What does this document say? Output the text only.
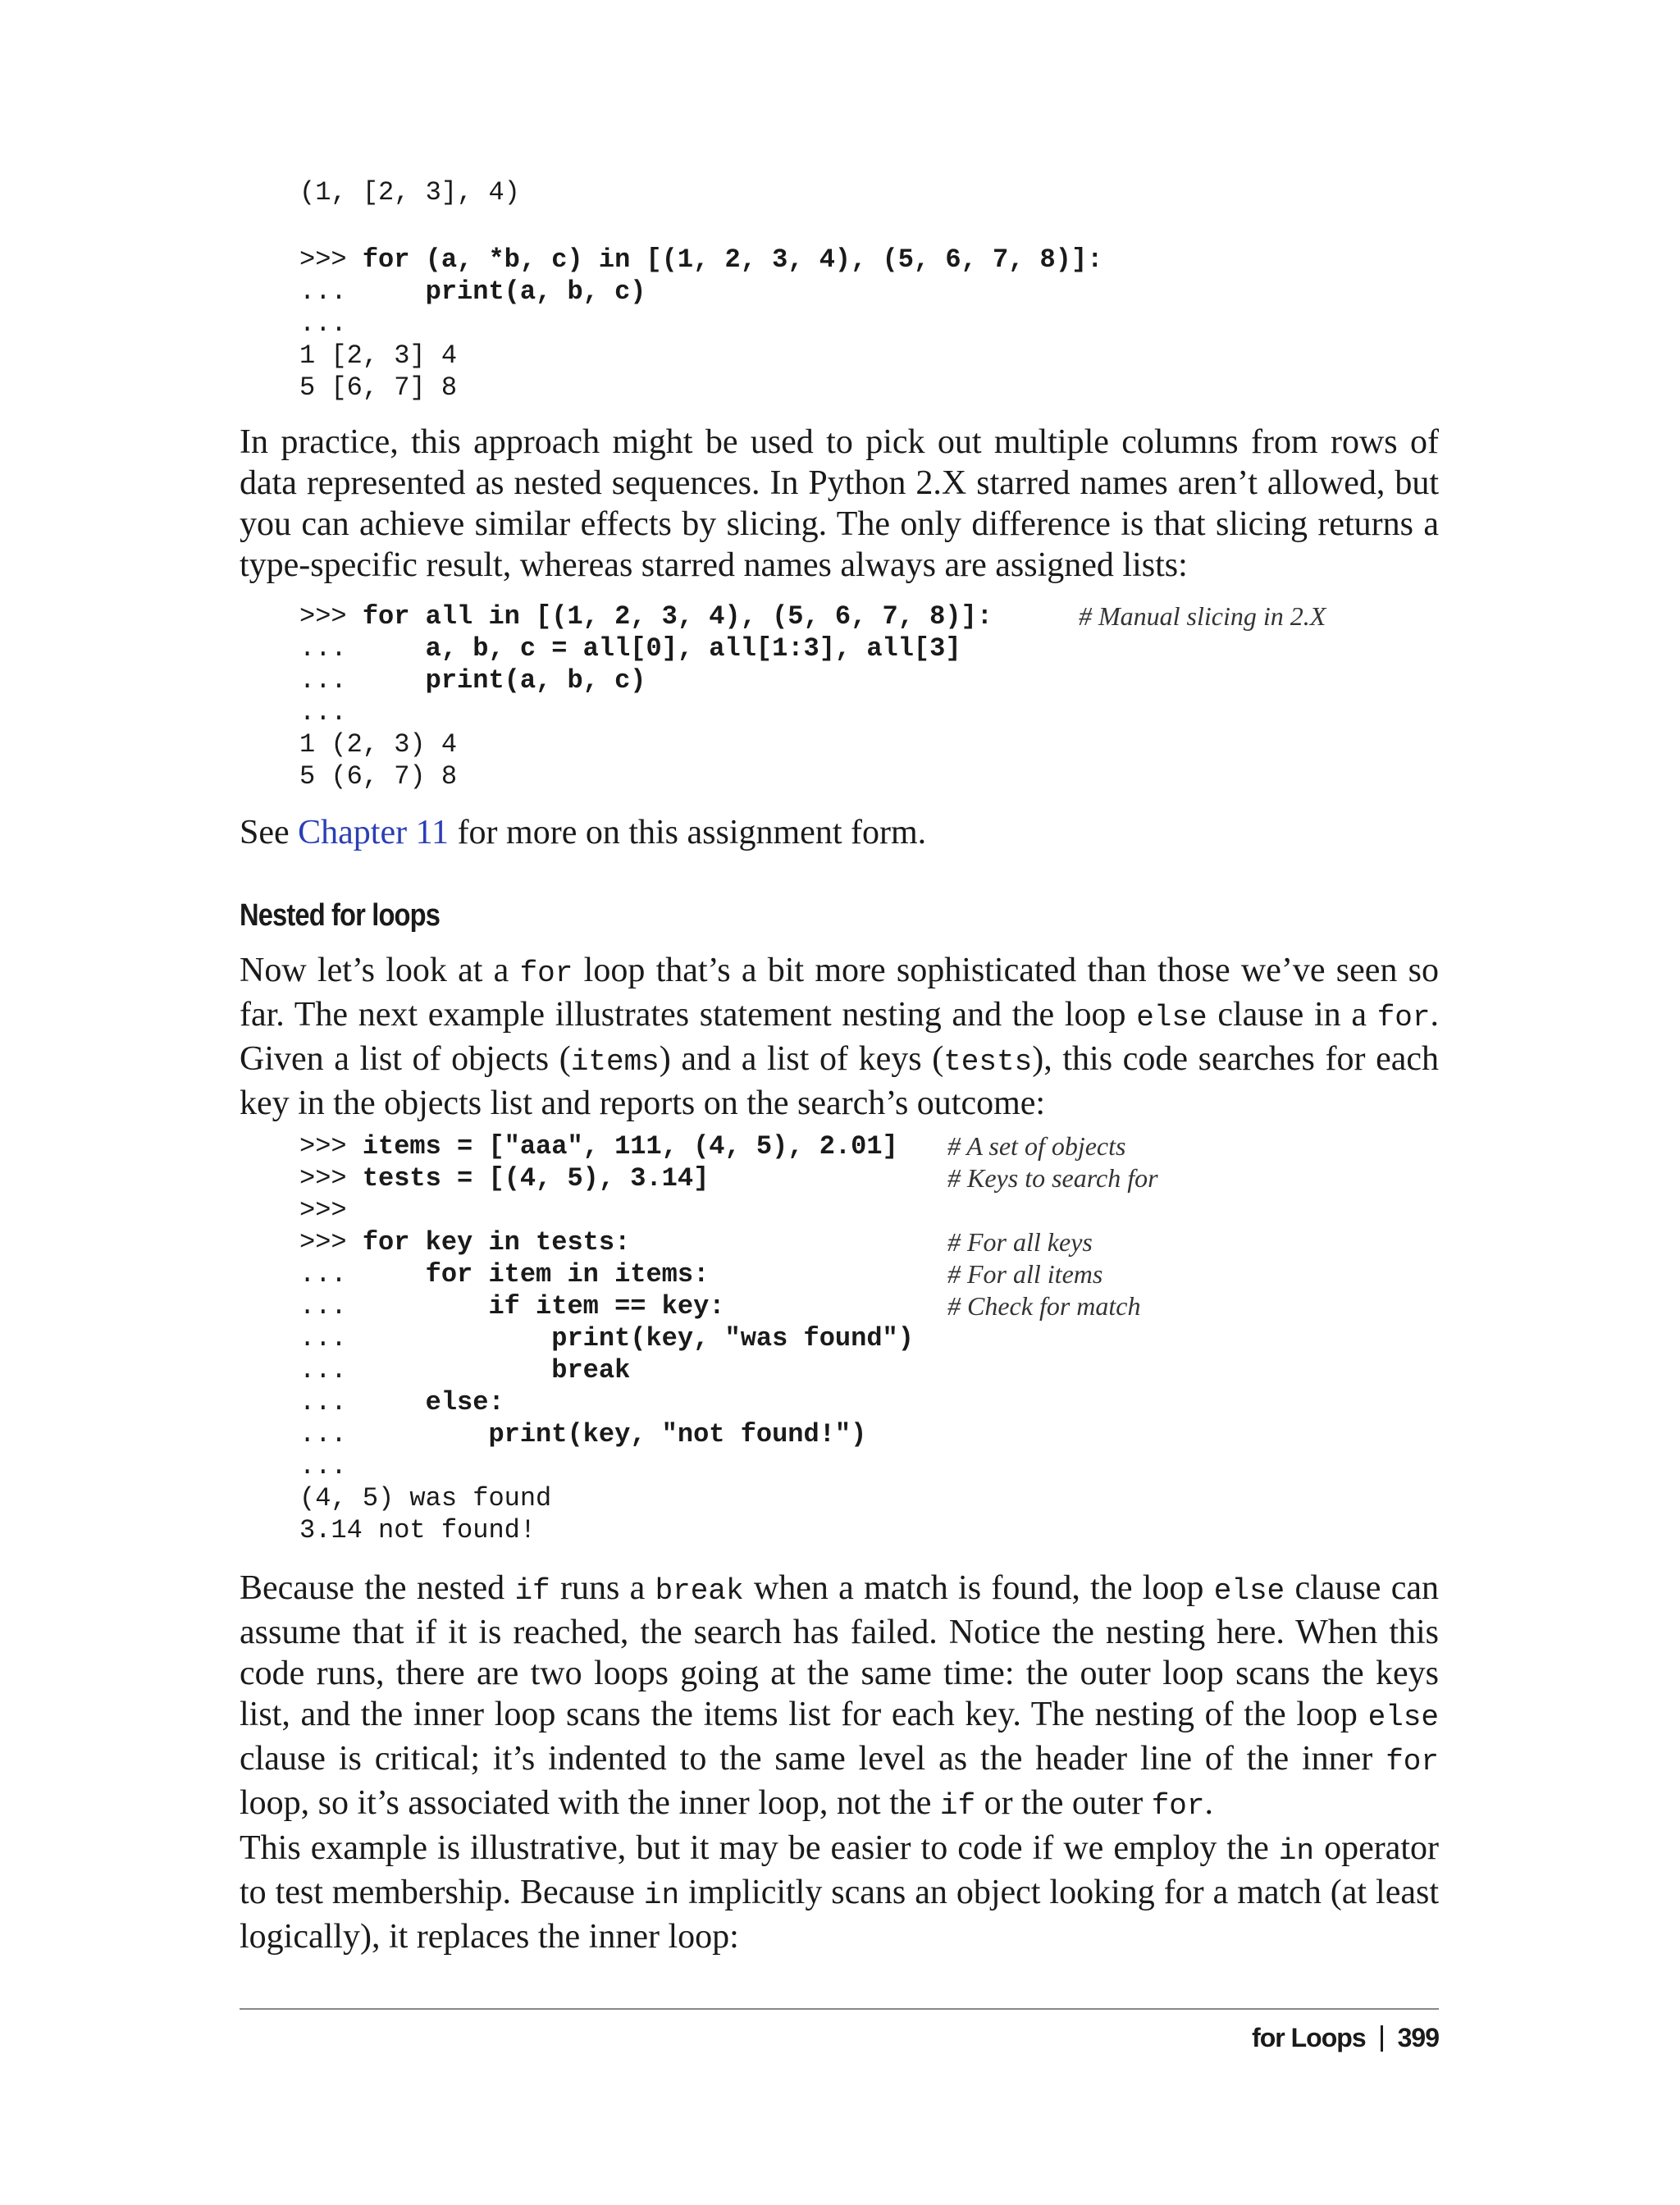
(1, [2, 3], 4)
>>> for (a, *b, c) in [(1, 2, 3, 4), (5, 6, 7, 8)]:
...     print(a, b, c)
...
1 [2, 3] 4
5 [6, 7] 8

In practice, this approach might be used to pick out multiple columns from rows of data represented as nested sequences. In Python 2.X starred names aren’t allowed, but you can achieve similar effects by slicing. The only difference is that slicing returns a type-specific result, whereas starred names always are assigned lists:

>>> for all in [(1, 2, 3, 4), (5, 6, 7, 8)]:	# Manual slicing in 2.X
...     a, b, c = all[0], all[1:3], all[3]
...     print(a, b, c)
...
1 (2, 3) 4
5 (6, 7) 8

See Chapter 11 for more on this assignment form.

Nested for loops

Now let’s look at a for loop that’s a bit more sophisticated than those we’ve seen so far. The next example illustrates statement nesting and the loop else clause in a for. Given a list of objects (items) and a list of keys (tests), this code searches for each key in the objects list and reports on the search’s outcome:

>>> items = ["aaa", 111, (4, 5), 2.01] # A set of objects
>>> tests = [(4, 5), 3.14]	# Keys to search for
>>>
>>> for key in tests:	# For all keys
...     for item in items:	# For all items
...         if item == key:	# Check for match
...             print(key, "was found")
...             break
...     else:
...         print(key, "not found!")
...
(4, 5) was found
3.14 not found!

Because the nested if runs a break when a match is found, the loop else clause can assume that if it is reached, the search has failed. Notice the nesting here. When this code runs, there are two loops going at the same time: the outer loop scans the keys list, and the inner loop scans the items list for each key. The nesting of the loop else clause is critical; it’s indented to the same level as the header line of the inner for loop, so it’s associated with the inner loop, not the if or the outer for.

This example is illustrative, but it may be easier to code if we employ the in operator to test membership. Because in implicitly scans an object looking for a match (at least logically), it replaces the inner loop:

for Loops 399
